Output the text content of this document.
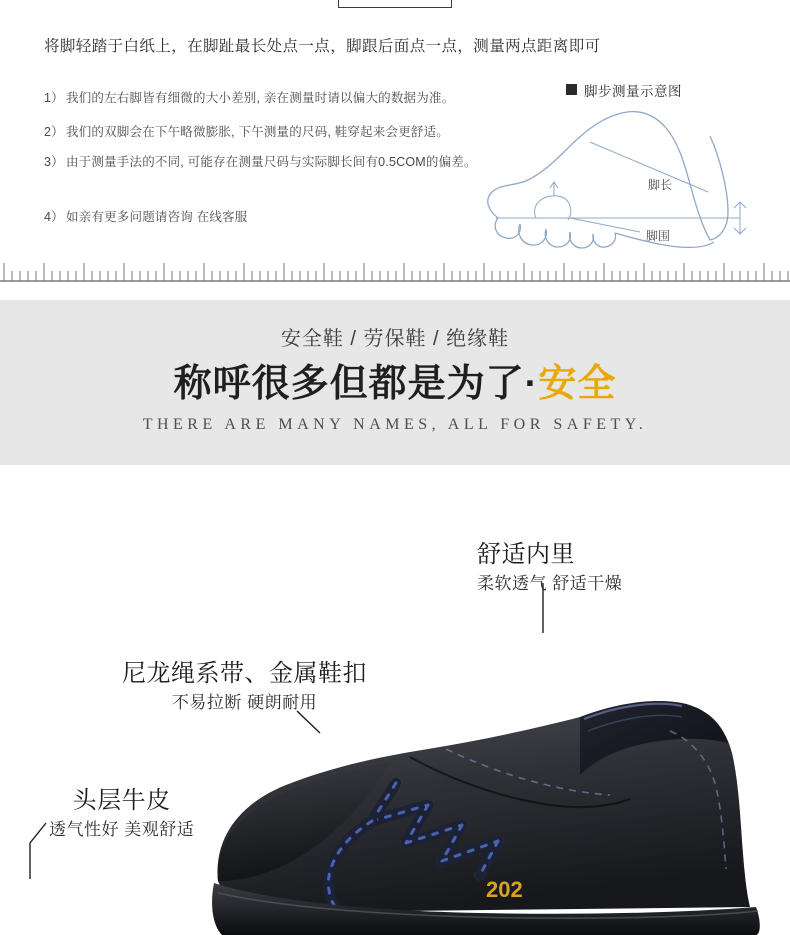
将脚轻踏于白纸上，在脚趾最长处点一点，脚跟后面点一点，测量两点距离即可
1） 我们的左右脚皆有细微的大小差别, 亲在测量时请以偏大的数据为准。
2） 我们的双脚会在下午略微膨胀, 下午测量的尺码, 鞋穿起来会更舒适。
3） 由于测量手法的不同, 可能存在测量尺码与实际脚长间有0.5COM的偏差。
4） 如亲有更多问题请咨询 在线客服
脚步测量示意图
脚长
脚围
安全鞋 / 劳保鞋 / 绝缘鞋
称呼很多但都是为了·安全
THERE ARE MANY NAMES, ALL FOR SAFETY.
202
舒适内里
柔软透气 舒适干燥
尼龙绳系带、金属鞋扣
不易拉断 硬朗耐用
头层牛皮
透气性好 美观舒适
